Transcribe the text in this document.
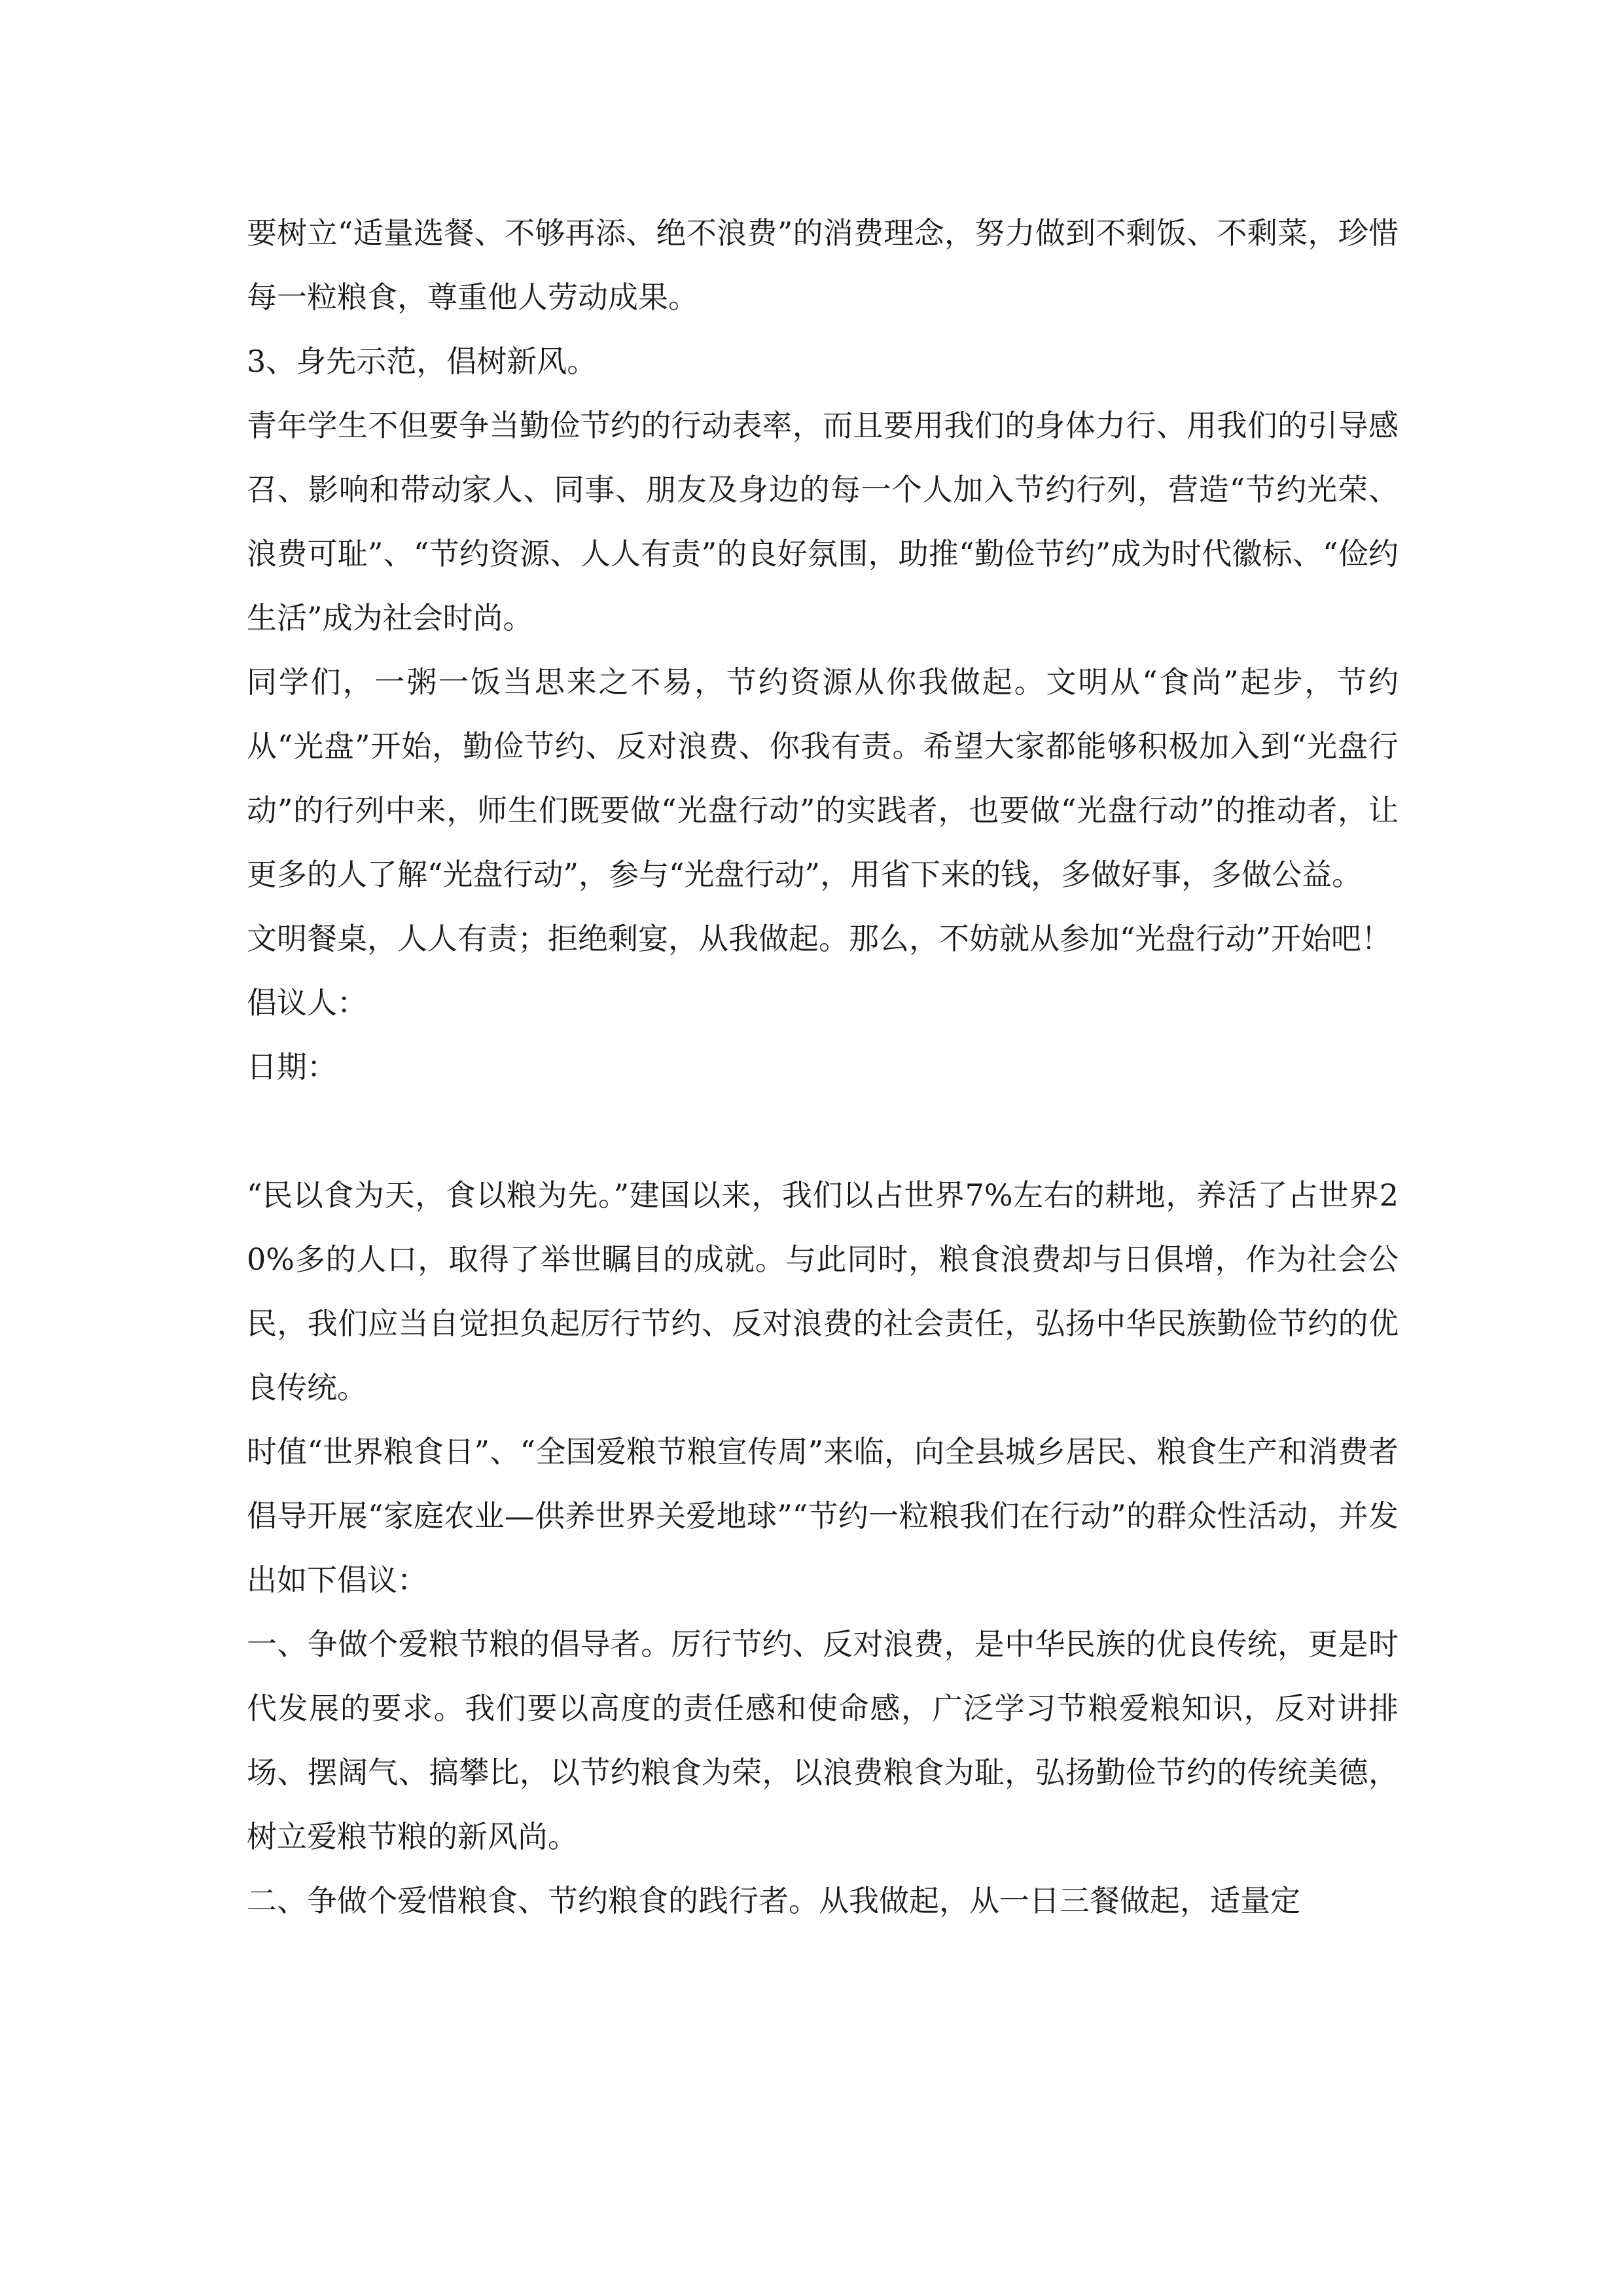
要树立“适量选餐、不够再添、绝不浪费”的消费理念，努力做到不剩饭、不剩菜，珍惜每一粒粮食，尊重他人劳动成果。

3、身先示范，倡树新风。

青年学生不但要争当勤俭节约的行动表率，而且要用我们的身体力行、用我们的引导感召、影响和带动家人、同事、朋友及身边的每一个人加入节约行列，营造“节约光荣、浪费可耻”、“节约资源、人人有责”的良好氛围，助推“勤俭节约”成为时代徽标、“俭约生活”成为社会时尚。

同学们，一粥一饭当思来之不易，节约资源从你我做起。文明从“食尚”起步，节约从“光盘”开始，勤俭节约、反对浪费、你我有责。希望大家都能够积极加入到“光盘行动”的行列中来，师生们既要做“光盘行动”的实践者，也要做“光盘行动”的推动者，让更多的人了解“光盘行动”，参与“光盘行动”，用省下来的钱，多做好事，多做公益。

文明餐桌，人人有责；拒绝剩宴，从我做起。那么，不妨就从参加“光盘行动”开始吧！

倡议人：

日期：

“民以食为天，食以粮为先。”建国以来，我们以占世界7%左右的耕地，养活了占世界20%多的人口，取得了举世瞩目的成就。与此同时，粮食浪费却与日俱增，作为社会公民，我们应当自觉担负起厉行节约、反对浪费的社会责任，弘扬中华民族勤俭节约的优良传统。

时值“世界粮食日”、“全国爱粮节粮宣传周”来临，向全县城乡居民、粮食生产和消费者倡导开展“家庭农业—供养世界关爱地球”“节约一粒粮我们在行动”的群众性活动，并发出如下倡议：

一、争做个爱粮节粮的倡导者。厉行节约、反对浪费，是中华民族的优良传统，更是时代发展的要求。我们要以高度的责任感和使命感，广泛学习节粮爱粮知识，反对讲排场、摆阔气、搞攀比，以节约粮食为荣，以浪费粮食为耻，弘扬勤俭节约的传统美德，树立爱粮节粮的新风尚。

二、争做个爱惜粮食、节约粮食的践行者。从我做起，从一日三餐做起，适量定
